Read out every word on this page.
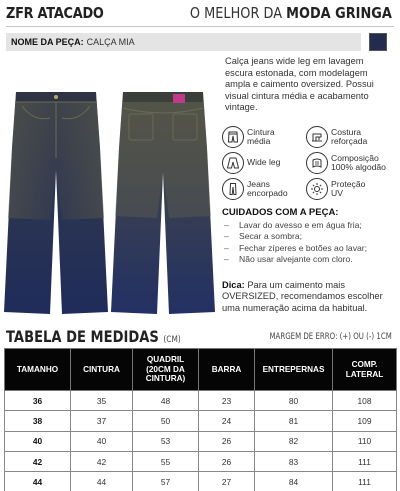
ZFR ATACADO	O MELHOR DA MODA GRINGA
NOME DA PEÇA: CALÇA MIA
Calça jeans wide leg em lavagem escura estonada, com modelagem ampla e caimento oversized. Possui visual cintura média e acabamento vintage.
Cintura
média
Costura
reforçada
Wide leg	Composição
100% algodão
Jeans
encorpado
Proteção
UV
CUIDADOS COM A PEÇA:
– Lavar do avesso e em água fria;
– Secar a sombra;
– Fechar zíperes e botões ao lavar;
– Não usar alvejante com cloro.
Dica: Para um caimento mais OVERSIZED, recomendamos escolher uma numeração acima da habitual.
TABELA DE MEDIDAS (CM)	MARGEM DE ERRO: (+) OU (-) 1CM
TAMANHO	CINTURA	QUADRIL
(20CM DA
CINTURA)	BARRA	ENTREPERNAS	COMP.
LATERAL
36	35	48	23	80	108
38	37	50	24	81	109
40	40	53	26	82	110
42	42	55	26	83	111
44	44	57	27	84	111
